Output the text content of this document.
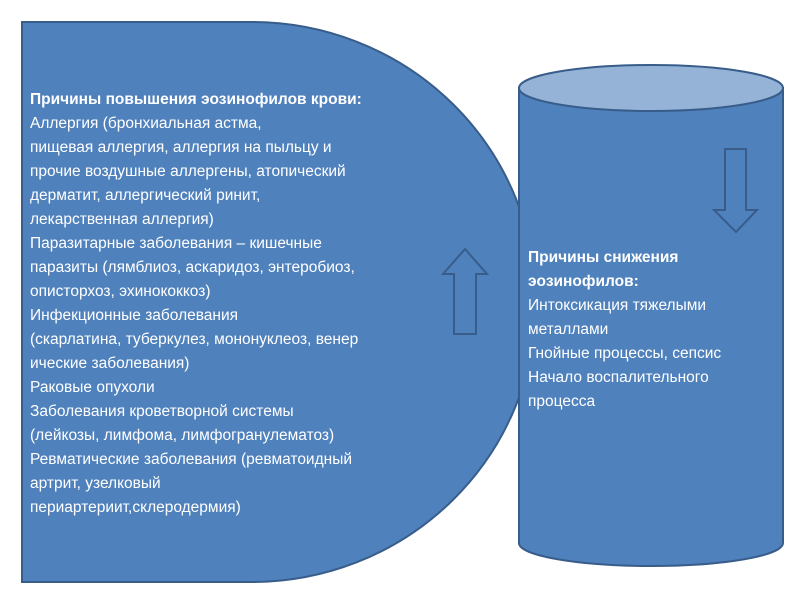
Причины повышения эозинофилов крови:
Аллергия (бронхиальная астма,
пищевая аллергия, аллергия на пыльцу и
прочие воздушные аллергены, атопический
дерматит, аллергический ринит,
лекарственная аллергия)
Паразитарные заболевания – кишечные
паразиты (лямблиоз, аскаридоз, энтеробиоз,
описторхоз, эхинококкоз)
Инфекционные заболевания
(скарлатина, туберкулез, мононуклеоз, венер
ические заболевания)
Раковые опухоли
Заболевания кроветворной системы
(лейкозы, лимфома, лимфогранулематоз)
Ревматические заболевания (ревматоидный
артрит, узелковый
периартериит,склеродермия)
Причины снижения
эозинофилов:
Интоксикация тяжелыми
металлами
Гнойные процессы, сепсис
Начало воспалительного
процесса
